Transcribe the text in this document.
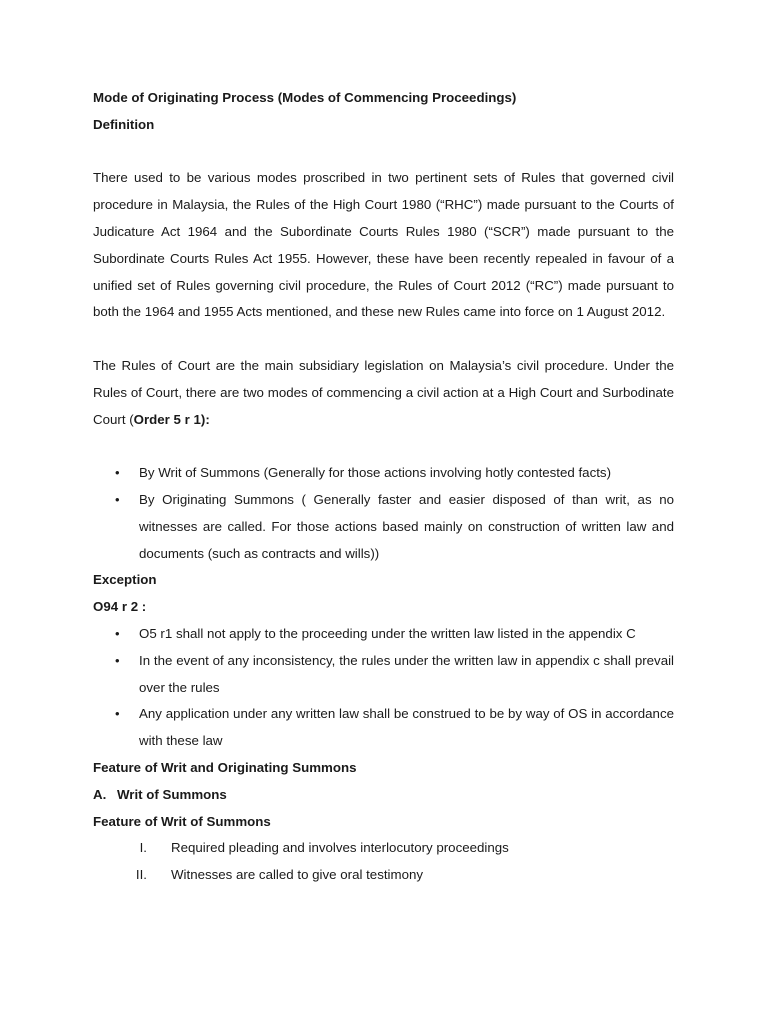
Mode of Originating Process (Modes of Commencing Proceedings)

Definition

There used to be various modes proscribed in two pertinent sets of Rules that governed civil procedure in Malaysia, the Rules of the High Court 1980 (“RHC”) made pursuant to the Courts of Judicature Act 1964 and the Subordinate Courts Rules 1980 (“SCR”) made pursuant to the Subordinate Courts Rules Act 1955. However, these have been recently repealed in favour of a unified set of Rules governing civil procedure, the Rules of Court 2012 (“RC”) made pursuant to both the 1964 and 1955 Acts mentioned, and these new Rules came into force on 1 August 2012.

The Rules of Court are the main subsidiary legislation on Malaysia’s civil procedure. Under the Rules of Court, there are two modes of commencing a civil action at a High Court and Surbodinate Court (Order 5 r 1):

• By Writ of Summons (Generally for those actions involving hotly contested facts)
• By Originating Summons ( Generally faster and easier disposed of than writ, as no witnesses are called. For those actions based mainly on construction of written law and documents (such as contracts and wills))

Exception

O94 r 2 :

• O5 r1 shall not apply to the proceeding under the written law listed in the appendix C
• In the event of any inconsistency, the rules under the written law in appendix c shall prevail over the rules
• Any application under any written law shall be construed to be by way of OS in accordance with these law

Feature of Writ and Originating Summons

A. Writ of Summons

Feature of Writ of Summons

I. Required pleading and involves interlocutory proceedings
II. Witnesses are called to give oral testimony
